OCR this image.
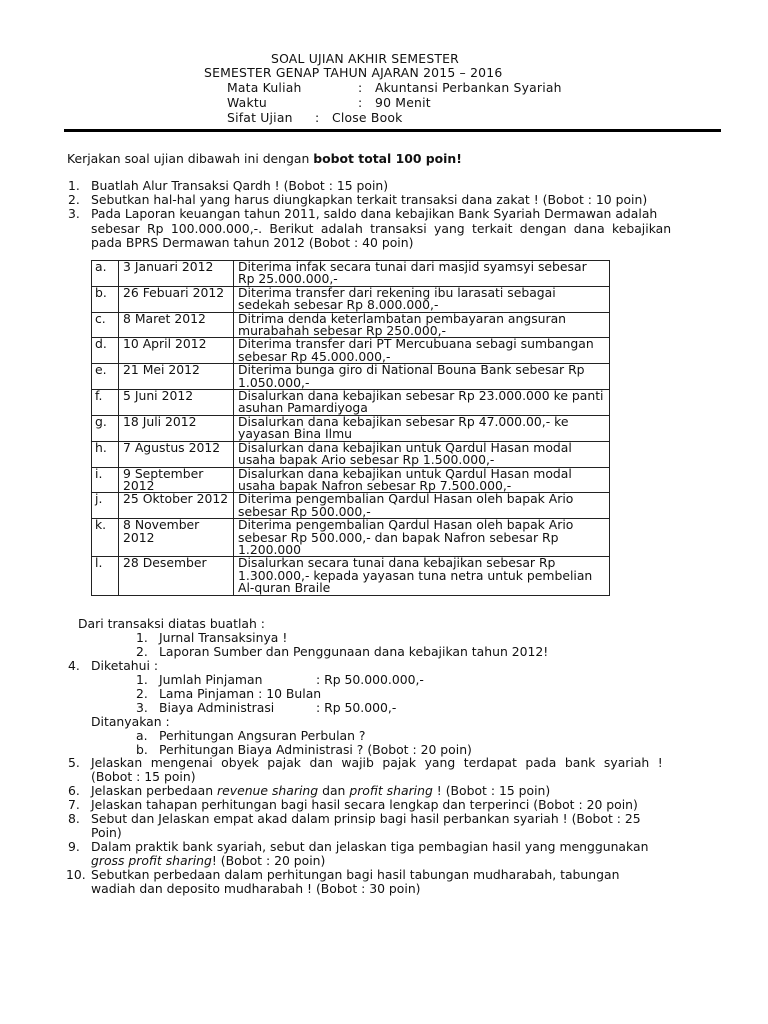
SOAL UJIAN AKHIR SEMESTER
SEMESTER GENAP TAHUN AJARAN 2015 – 2016
Mata Kuliah	: Akuntansi Perbankan Syariah
Waktu	: 90 Menit
Sifat Ujian : Close Book
Kerjakan soal ujian dibawah ini dengan bobot total 100 poin!
1. Buatlah Alur Transaksi Qardh ! (Bobot : 15 poin)
2. Sebutkan hal-hal yang harus diungkapkan terkait transaksi dana zakat ! (Bobot : 10 poin)
3. Pada Laporan keuangan tahun 2011, saldo dana kebajikan Bank Syariah Dermawan adalah
sebesar Rp 100.000.000,-. Berikut adalah transaksi yang terkait dengan dana kebajikan
pada BPRS Dermawan tahun 2012 (Bobot : 40 poin)
a.	3 Januari 2012	Diterima infak secara tunai dari masjid syamsyi sebesar Rp 25.000.000,-
b.	26 Febuari 2012	Diterima transfer dari rekening ibu larasati sebagai sedekah sebesar Rp 8.000.000,-
c.	8 Maret 2012	Ditrima denda keterlambatan pembayaran angsuran murabahah sebesar Rp 250.000,-
d.	10 April 2012	Diterima transfer dari PT Mercubuana sebagi sumbangan sebesar Rp 45.000.000,-
e.	21 Mei 2012	Diterima bunga giro di National Bouna Bank sebesar Rp 1.050.000,-
f.	5 Juni 2012	Disalurkan dana kebajikan sebesar Rp 23.000.000 ke panti asuhan Pamardiyoga
g.	18 Juli 2012	Disalurkan dana kebajikan sebesar Rp 47.000.00,- ke yayasan Bina Ilmu
h.	7 Agustus 2012	Disalurkan dana kebajikan untuk Qardul Hasan modal usaha bapak Ario sebesar Rp 1.500.000,-
i.	9 September 2012	Disalurkan dana kebajikan untuk Qardul Hasan modal usaha bapak Nafron sebesar Rp 7.500.000,-
j.	25 Oktober 2012	Diterima pengembalian Qardul Hasan oleh bapak Ario sebesar Rp 500.000,-
k.	8 November 2012	Diterima pengembalian Qardul Hasan oleh bapak Ario sebesar Rp 500.000,- dan bapak Nafron sebesar Rp 1.200.000
l.	28 Desember	Disalurkan secara tunai dana kebajikan sebesar Rp 1.300.000,- kepada yayasan tuna netra untuk pembelian Al-quran Braile
Dari transaksi diatas buatlah :
1. Jurnal Transaksinya !
2. Laporan Sumber dan Penggunaan dana kebajikan tahun 2012!
4. Diketahui :
1. Jumlah Pinjaman	: Rp 50.000.000,-
2. Lama Pinjaman : 10 Bulan
3. Biaya Administrasi	: Rp 50.000,-
Ditanyakan :
a. Perhitungan Angsuran Perbulan ?
b. Perhitungan Biaya Administrasi ? (Bobot : 20 poin)
5. Jelaskan mengenai obyek pajak dan wajib pajak yang terdapat pada bank syariah !
(Bobot : 15 poin)
6. Jelaskan perbedaan revenue sharing dan profit sharing ! (Bobot : 15 poin)
7. Jelaskan tahapan perhitungan bagi hasil secara lengkap dan terperinci (Bobot : 20 poin)
8. Sebut dan Jelaskan empat akad dalam prinsip bagi hasil perbankan syariah ! (Bobot : 25
Poin)
9. Dalam praktik bank syariah, sebut dan jelaskan tiga pembagian hasil yang menggunakan
gross profit sharing! (Bobot : 20 poin)
10. Sebutkan perbedaan dalam perhitungan bagi hasil tabungan mudharabah, tabungan
wadiah dan deposito mudharabah ! (Bobot : 30 poin)
